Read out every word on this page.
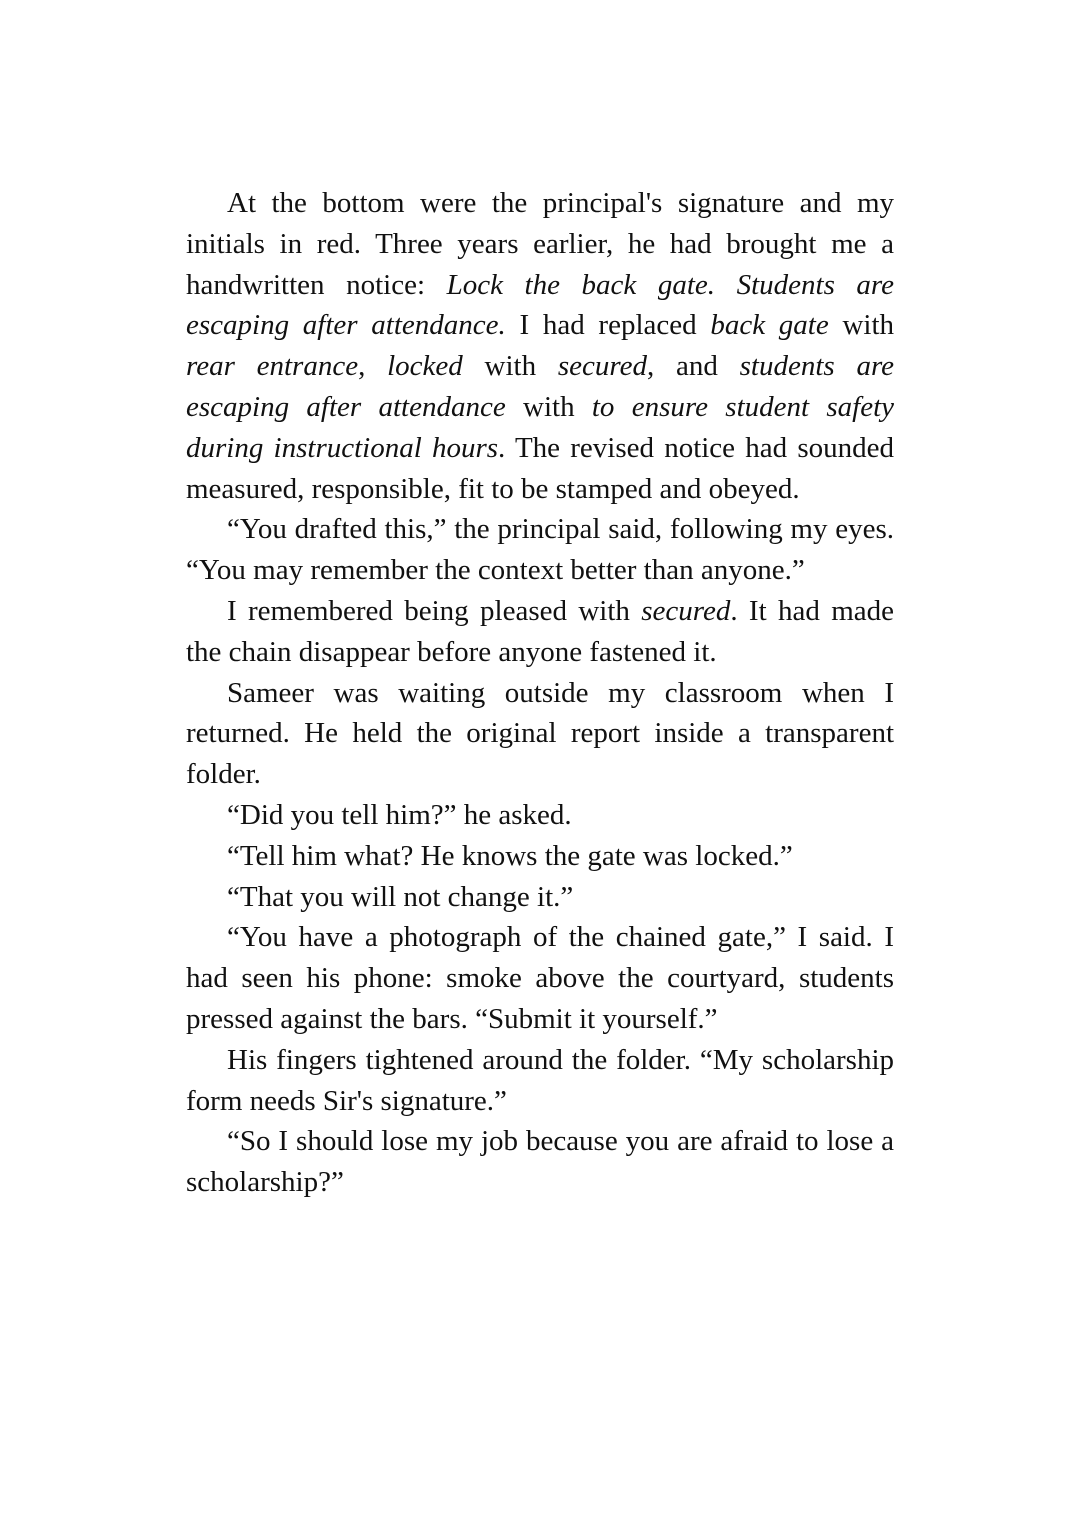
At the bottom were the principal's signature and my initials in red. Three years earlier, he had brought me a handwritten notice: Lock the back gate. Students are escaping after attendance. I had replaced back gate with rear entrance, locked with secured, and students are escaping after attendance with to ensure student safety during instructional hours. The revised notice had sounded measured, responsible, fit to be stamped and obeyed.

“You drafted this,” the principal said, following my eyes. “You may remember the context better than anyone.”

I remembered being pleased with secured. It had made the chain disappear before anyone fastened it.

Sameer was waiting outside my classroom when I returned. He held the original report inside a transparent folder.

“Did you tell him?” he asked.

“Tell him what? He knows the gate was locked.”

“That you will not change it.”

“You have a photograph of the chained gate,” I said. I had seen his phone: smoke above the courtyard, students pressed against the bars. “Submit it yourself.”

His fingers tightened around the folder. “My scholarship form needs Sir's signature.”

“So I should lose my job because you are afraid to lose a scholarship?”
